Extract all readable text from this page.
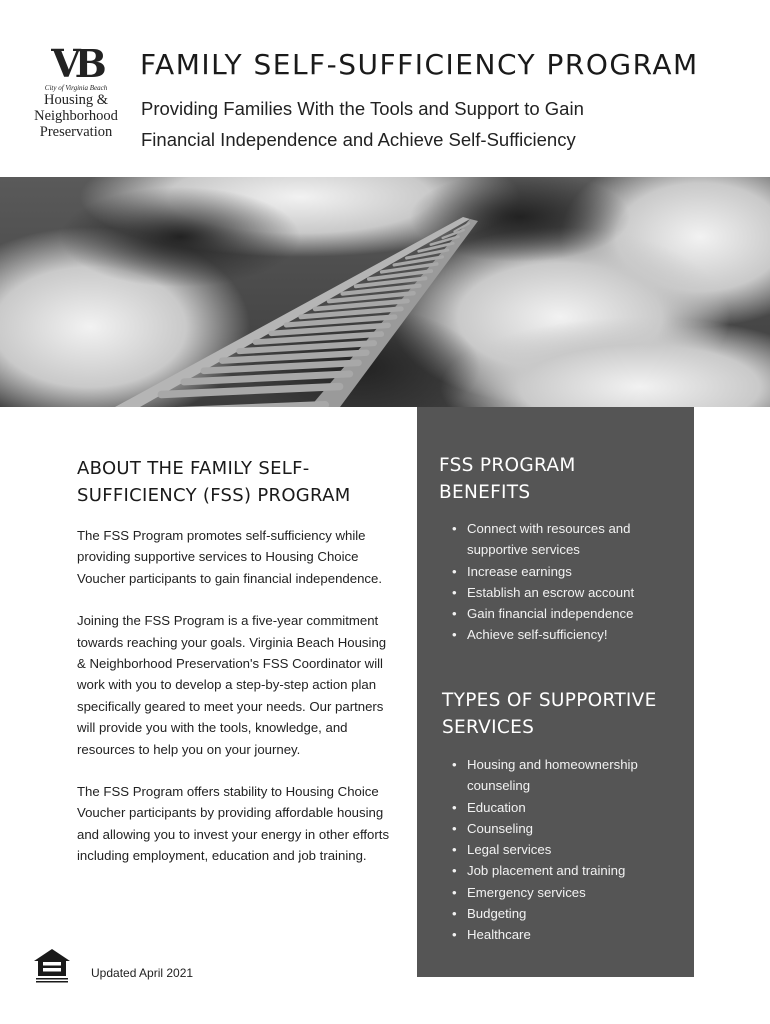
VB
City of Virginia Beach
Housing &
Neighborhood
Preservation
FAMILY SELF-SUFFICIENCY PROGRAM
Providing Families With the Tools and Support to Gain
Financial Independence and Achieve Self-Sufficiency
ABOUT THE FAMILY SELF-
SUFFICIENCY (FSS) PROGRAM

The FSS Program promotes self-sufficiency while providing supportive services to Housing Choice Voucher participants to gain financial independence.

Joining the FSS Program is a five-year commitment towards reaching your goals. Virginia Beach Housing & Neighborhood Preservation's FSS Coordinator will work with you to develop a step-by-step action plan specifically geared to meet your needs. Our partners will provide you with the tools, knowledge, and resources to help you on your journey.

The FSS Program offers stability to Housing Choice Voucher participants by providing affordable housing and allowing you to invest your energy in other efforts including employment, education and job training.

FSS PROGRAM
BENEFITS
• Connect with resources and supportive services
• Increase earnings
• Establish an escrow account
• Gain financial independence
• Achieve self-sufficiency!
TYPES OF SUPPORTIVE
SERVICES
• Housing and homeownership counseling
• Education
• Counseling
• Legal services
• Job placement and training
• Emergency services
• Budgeting
• Healthcare
Updated April 2021
